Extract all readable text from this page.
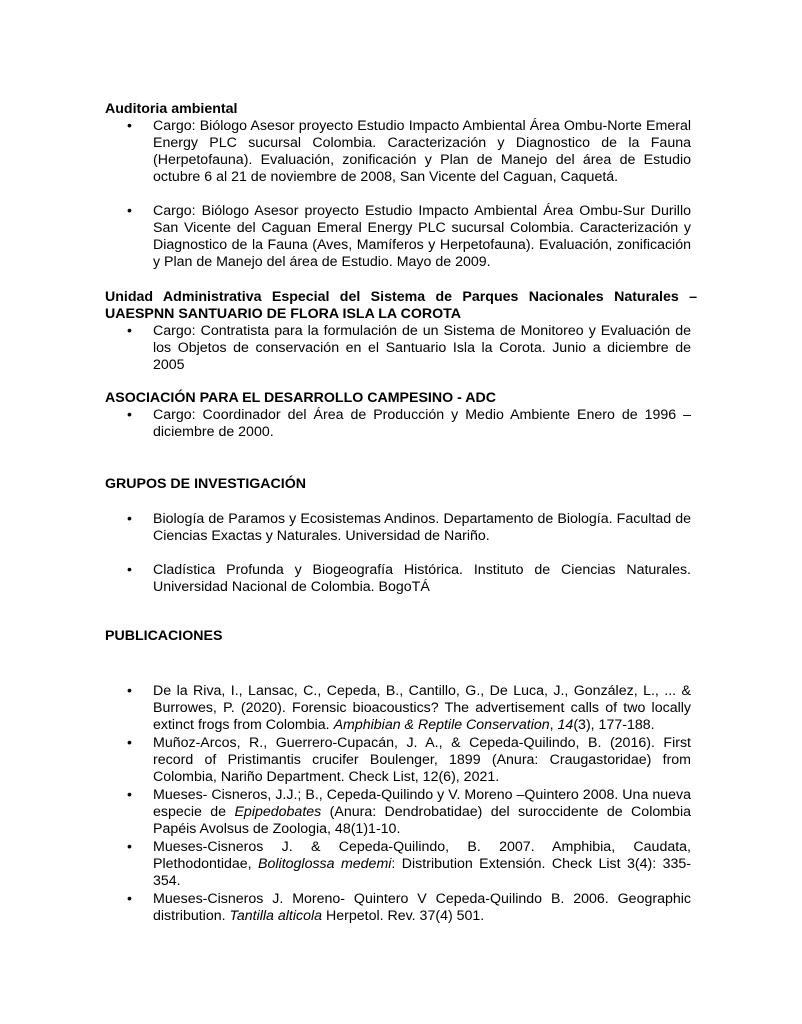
Auditoria ambiental

• Cargo: Biólogo Asesor proyecto Estudio Impacto Ambiental Área Ombu-Norte Emeral Energy PLC sucursal Colombia. Caracterización y Diagnostico de la Fauna (Herpetofauna). Evaluación, zonificación y Plan de Manejo del área de Estudio octubre 6 al 21 de noviembre de 2008, San Vicente del Caguan, Caquetá.
• Cargo: Biólogo Asesor proyecto Estudio Impacto Ambiental Área Ombu-Sur Durillo San Vicente del Caguan Emeral Energy PLC sucursal Colombia. Caracterización y Diagnostico de la Fauna (Aves, Mamíferos y Herpetofauna). Evaluación, zonificación y Plan de Manejo del área de Estudio. Mayo de 2009.

Unidad Administrativa Especial del Sistema de Parques Nacionales Naturales – UAESPNN SANTUARIO DE FLORA ISLA LA COROTA

• Cargo: Contratista para la formulación de un Sistema de Monitoreo y Evaluación de los Objetos de conservación en el Santuario Isla la Corota. Junio a diciembre de 2005

ASOCIACIÓN PARA EL DESARROLLO CAMPESINO - ADC

• Cargo: Coordinador del Área de Producción y Medio Ambiente Enero de 1996 – diciembre de 2000.

GRUPOS DE INVESTIGACIÓN

• Biología de Paramos y Ecosistemas Andinos. Departamento de Biología. Facultad de Ciencias Exactas y Naturales. Universidad de Nariño.
• Cladística Profunda y Biogeografía Histórica. Instituto de Ciencias Naturales. Universidad Nacional de Colombia. BogoTÁ

PUBLICACIONES

• De la Riva, I., Lansac, C., Cepeda, B., Cantillo, G., De Luca, J., González, L., ... & Burrowes, P. (2020). Forensic bioacoustics? The advertisement calls of two locally extinct frogs from Colombia. Amphibian & Reptile Conservation, 14(3), 177-188.
• Muñoz-Arcos, R., Guerrero-Cupacán, J. A., & Cepeda-Quilindo, B. (2016). First record of Pristimantis crucifer Boulenger, 1899 (Anura: Craugastoridae) from Colombia, Nariño Department. Check List, 12(6), 2021.
• Mueses- Cisneros, J.J.; B., Cepeda-Quilindo y V. Moreno –Quintero 2008. Una nueva especie de Epipedobates (Anura: Dendrobatidae) del suroccidente de Colombia Papéis Avolsus de Zoologia, 48(1)1-10.
• Mueses-Cisneros J. & Cepeda-Quilindo, B. 2007. Amphibia, Caudata, Plethodontidae, Bolitoglossa medemi: Distribution Extensión. Check List 3(4): 335-354.
• Mueses-Cisneros J. Moreno- Quintero V Cepeda-Quilindo B. 2006. Geographic distribution. Tantilla alticola Herpetol. Rev. 37(4) 501.
